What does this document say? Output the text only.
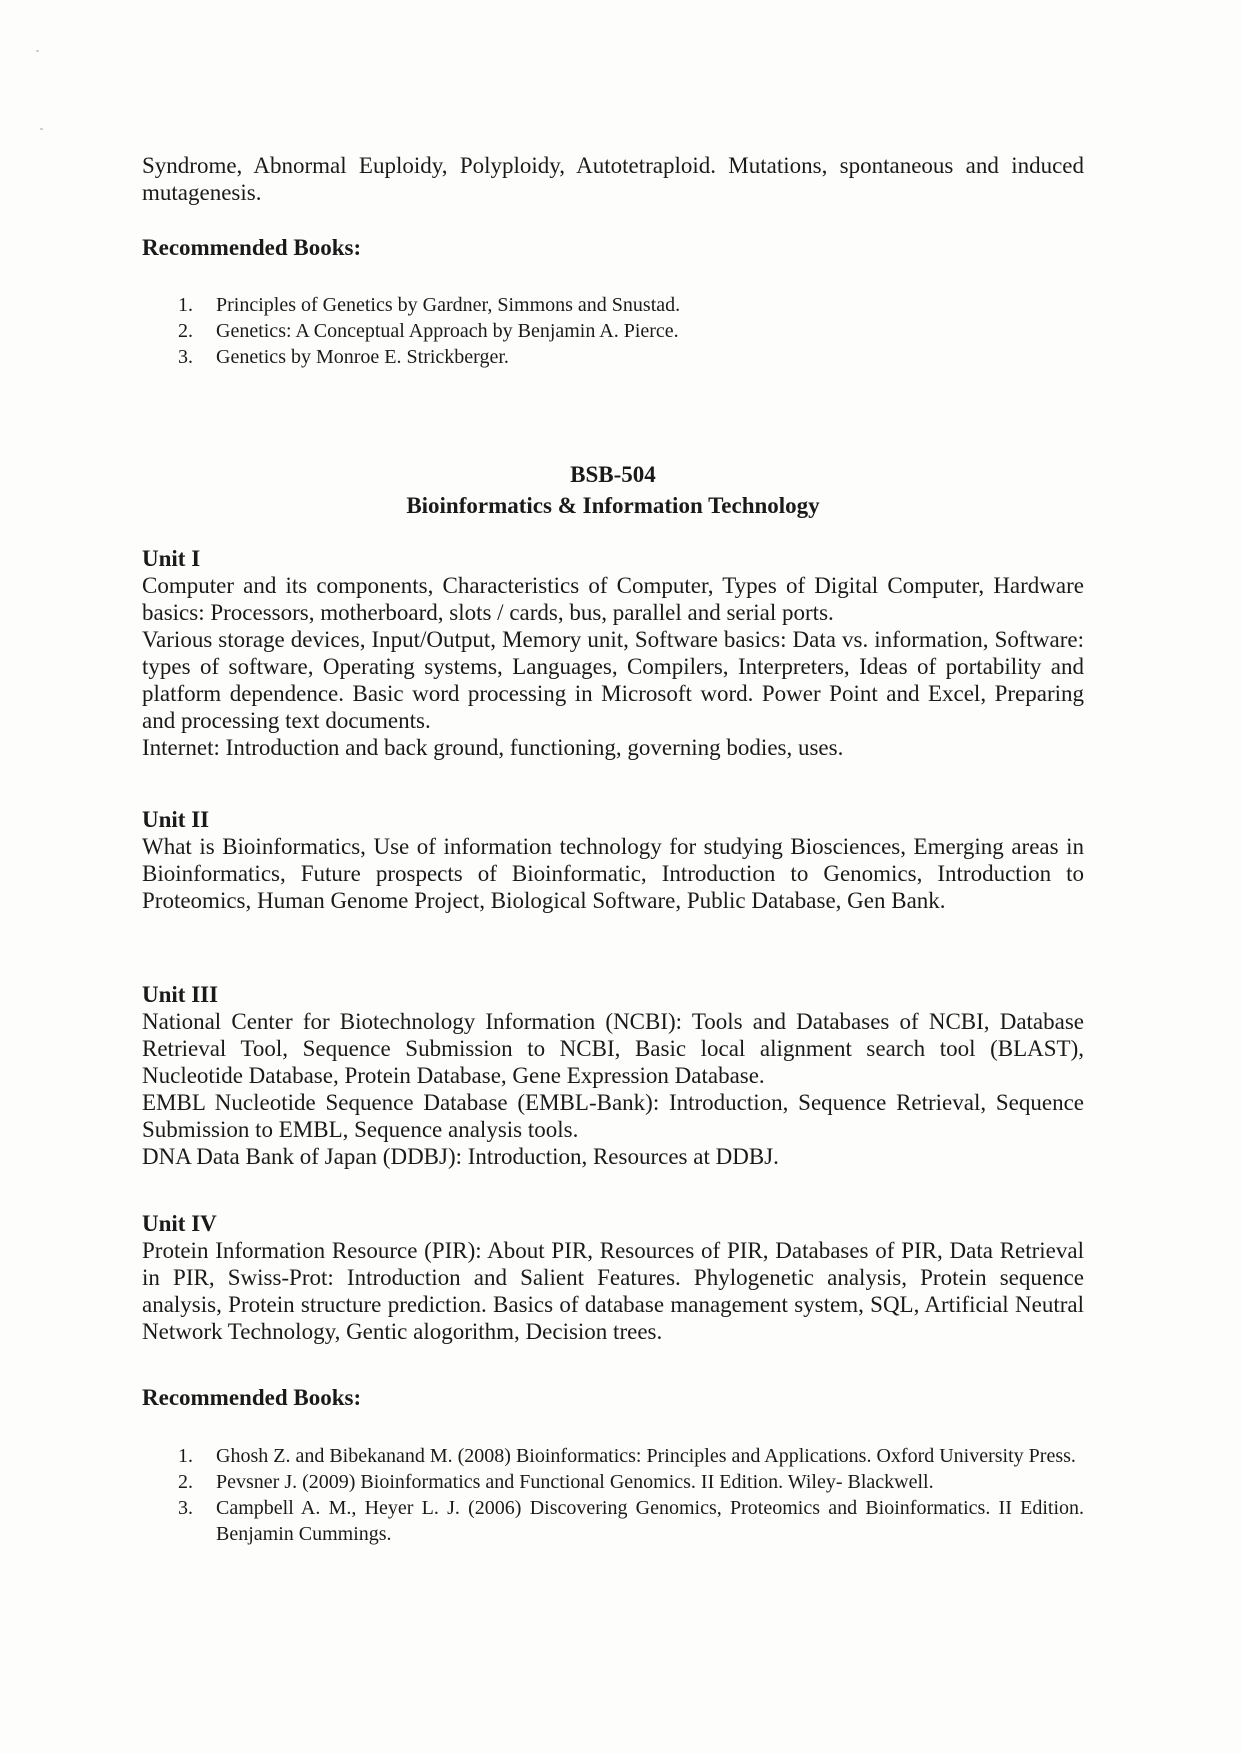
Syndrome, Abnormal Euploidy, Polyploidy, Autotetraploid. Mutations, spontaneous and induced mutagenesis.

Recommended Books:

1. Principles of Genetics by Gardner, Simmons and Snustad.
2. Genetics: A Conceptual Approach by Benjamin A. Pierce.
3. Genetics by Monroe E. Strickberger.

BSB-504

Bioinformatics & Information Technology

Unit I

Computer and its components, Characteristics of Computer, Types of Digital Computer, Hardware basics: Processors, motherboard, slots / cards, bus, parallel and serial ports.

Various storage devices, Input/Output, Memory unit, Software basics: Data vs. information, Software: types of software, Operating systems, Languages, Compilers, Interpreters, Ideas of portability and platform dependence. Basic word processing in Microsoft word. Power Point and Excel, Preparing and processing text documents.

Internet: Introduction and back ground, functioning, governing bodies, uses.

Unit II

What is Bioinformatics, Use of information technology for studying Biosciences, Emerging areas in Bioinformatics, Future prospects of Bioinformatic, Introduction to Genomics, Introduction to Proteomics, Human Genome Project, Biological Software, Public Database, Gen Bank.

Unit III

National Center for Biotechnology Information (NCBI): Tools and Databases of NCBI, Database Retrieval Tool, Sequence Submission to NCBI, Basic local alignment search tool (BLAST), Nucleotide Database, Protein Database, Gene Expression Database.

EMBL Nucleotide Sequence Database (EMBL-Bank): Introduction, Sequence Retrieval, Sequence Submission to EMBL, Sequence analysis tools.

DNA Data Bank of Japan (DDBJ): Introduction, Resources at DDBJ.

Unit IV

Protein Information Resource (PIR): About PIR, Resources of PIR, Databases of PIR, Data Retrieval in PIR, Swiss-Prot: Introduction and Salient Features. Phylogenetic analysis, Protein sequence analysis, Protein structure prediction. Basics of database management system, SQL, Artificial Neutral Network Technology, Gentic alogorithm, Decision trees.

Recommended Books:

1. Ghosh Z. and Bibekanand M. (2008) Bioinformatics: Principles and Applications. Oxford University Press.
2. Pevsner J. (2009) Bioinformatics and Functional Genomics. II Edition. Wiley- Blackwell.
3. Campbell A. M., Heyer L. J. (2006) Discovering Genomics, Proteomics and Bioinformatics. II Edition. Benjamin Cummings.
